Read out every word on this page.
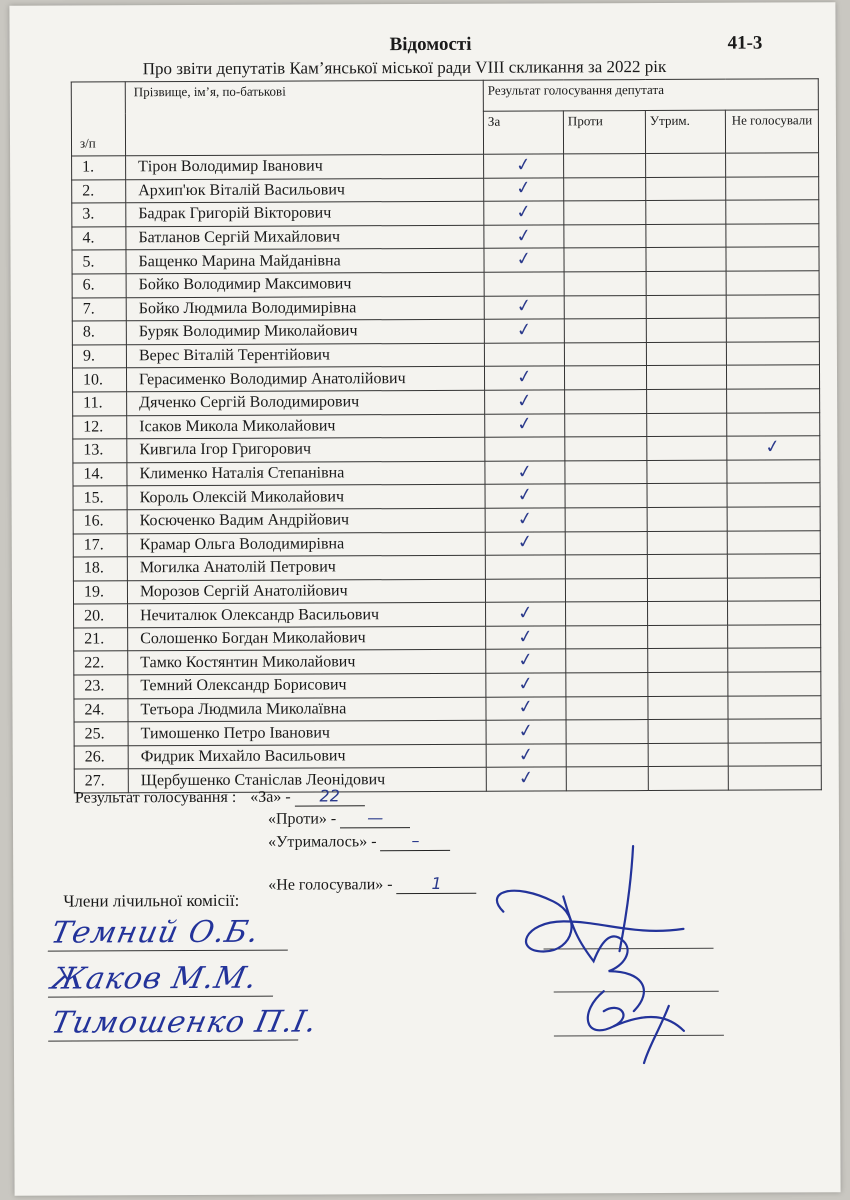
Відомості	41-3
Про звіти депутатів Кам’янської міської ради VIII скликання за 2022 рік
з/п	Прізвище, ім’я, по-батькові	Результат голосування депутата			
		За	Проти	Утрим.	Не голосували
1.	Тірон Володимир Іванович	✓			
2.	Архип'юк Віталій Васильович	✓			
3.	Бадрак Григорій Вікторович	✓			
4.	Батланов Сергій Михайлович	✓			
5.	Бащенко Марина Майданівна	✓			
6.	Бойко Володимир Максимович				
7.	Бойко Людмила Володимирівна	✓			
8.	Буряк Володимир Миколайович	✓			
9.	Верес Віталій Терентійович				
10.	Герасименко Володимир Анатолійович	✓			
11.	Дяченко Сергій Володимирович	✓			
12.	Ісаков Микола Миколайович	✓			
13.	Кивгила Ігор Григорович				✓
14.	Клименко Наталія Степанівна	✓			
15.	Король Олексій Миколайович	✓			
16.	Косюченко Вадим Андрійович	✓			
17.	Крамар Ольга Володимирівна	✓			
18.	Могилка Анатолій Петрович				
19.	Морозов Сергій Анатолійович				
20.	Нечиталюк Олександр Васильович	✓			
21.	Солошенко Богдан Миколайович	✓			
22.	Тамко Костянтин Миколайович	✓			
23.	Темний Олександр Борисович	✓			
24.	Тетьора Людмила Миколаївна	✓			
25.	Тимошенко Петро Іванович	✓			
26.	Фидрик Михайло Васильович	✓			
27.	Щербушенко Станіслав Леонідович	✓			
Результат голосування : «За» - 22
«Проти» - —
«Утрималось» - –
«Не голосували» - 1
Члени лічильної комісії:
Темний О.Б.
Жаков М.М.
Тимошенко П.І.
